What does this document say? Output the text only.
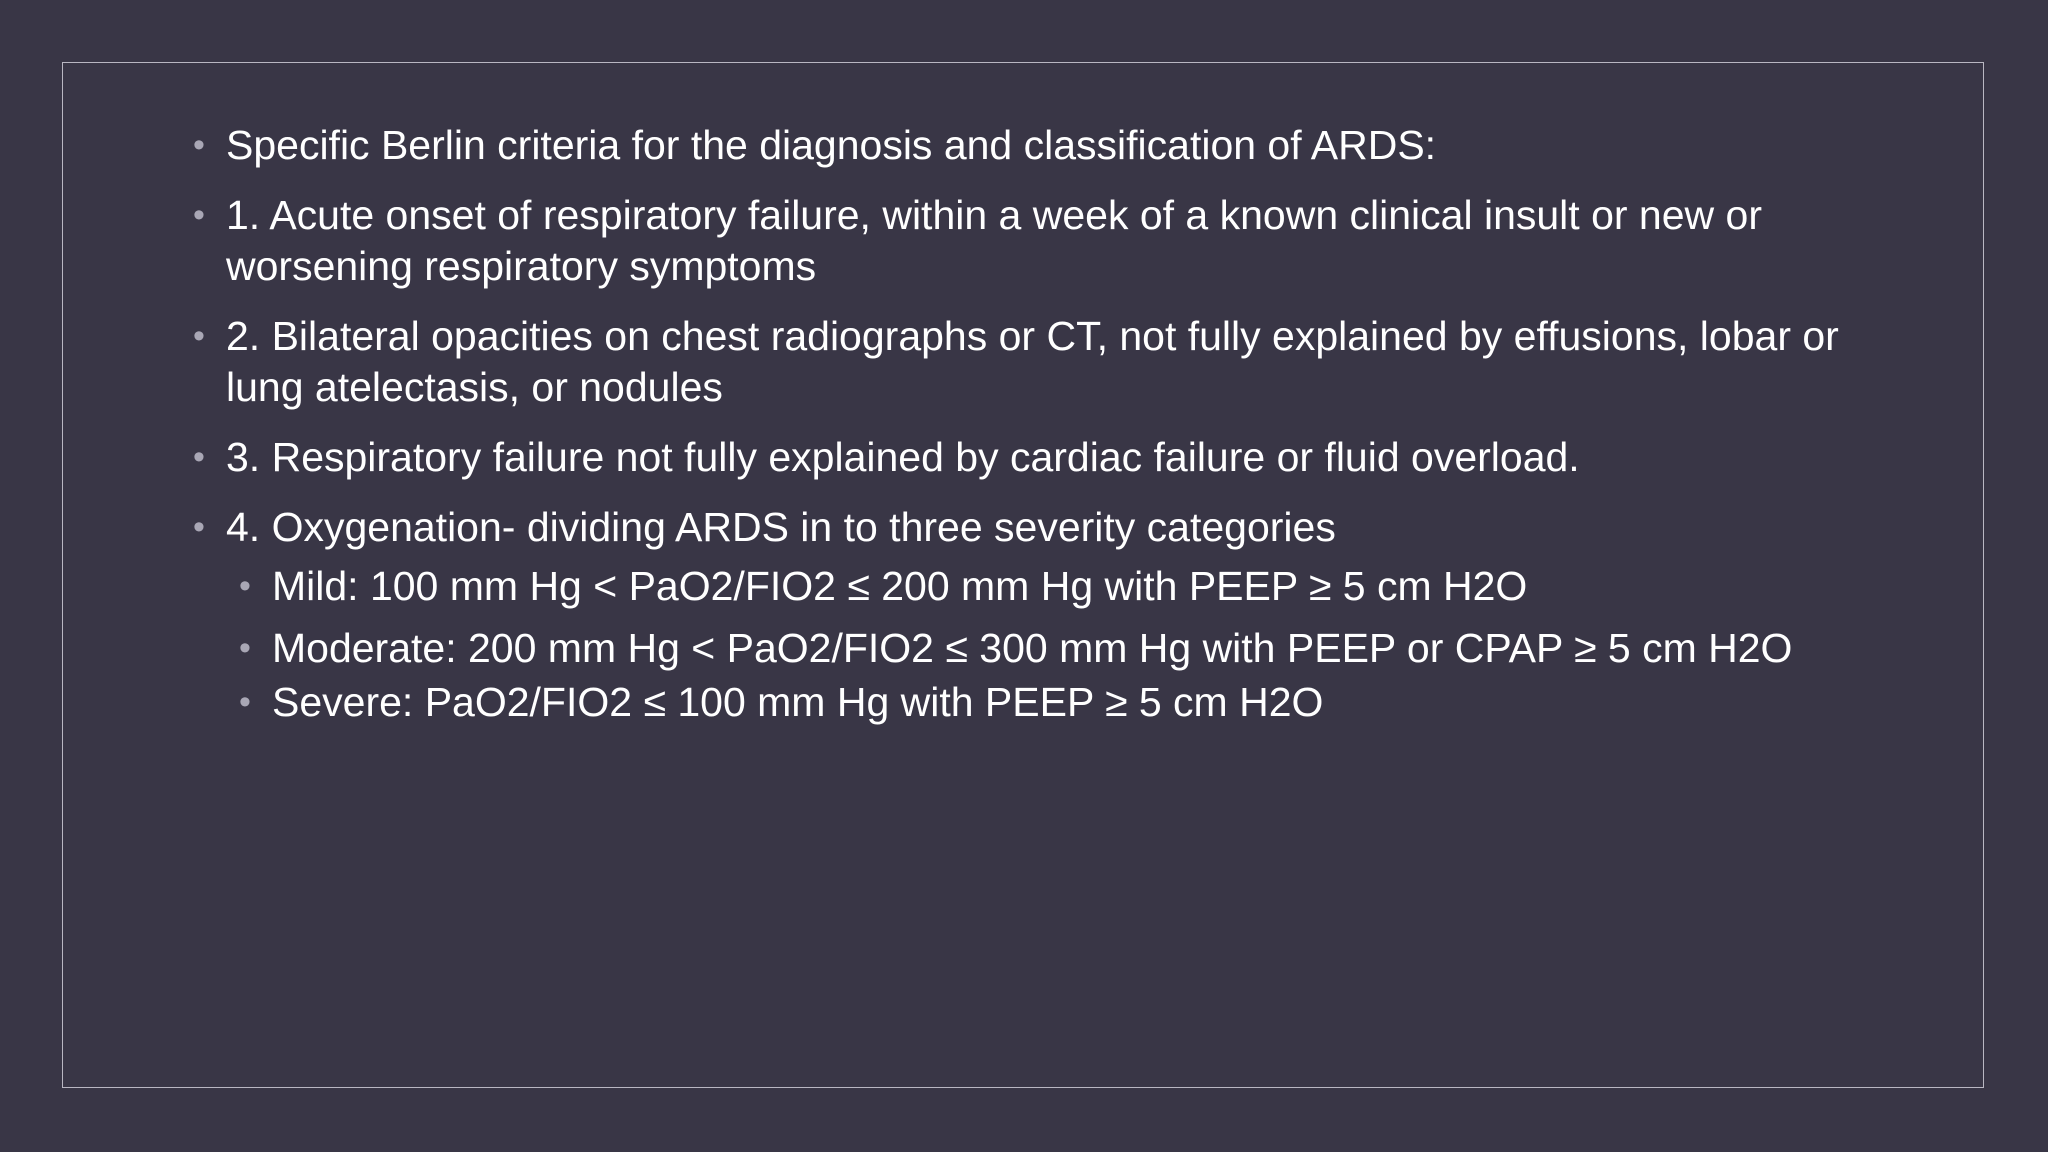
• Specific Berlin criteria for the diagnosis and classification of ARDS:
• 1. Acute onset of respiratory failure, within a week of a known clinical insult or new or worsening respiratory symptoms
• 2. Bilateral opacities on chest radiographs or CT, not fully explained by effusions, lobar or lung atelectasis, or nodules
• 3. Respiratory failure not fully explained by cardiac failure or fluid overload.
• 4. Oxygenation- dividing ARDS in to three severity categories
• Mild: 100 mm Hg < PaO2/FIO2 ≤ 200 mm Hg with PEEP ≥ 5 cm H2O
• Moderate: 200 mm Hg < PaO2/FIO2 ≤ 300 mm Hg with PEEP or CPAP ≥ 5 cm H2O
• Severe: PaO2/FIO2 ≤ 100 mm Hg with PEEP ≥ 5 cm H2O
